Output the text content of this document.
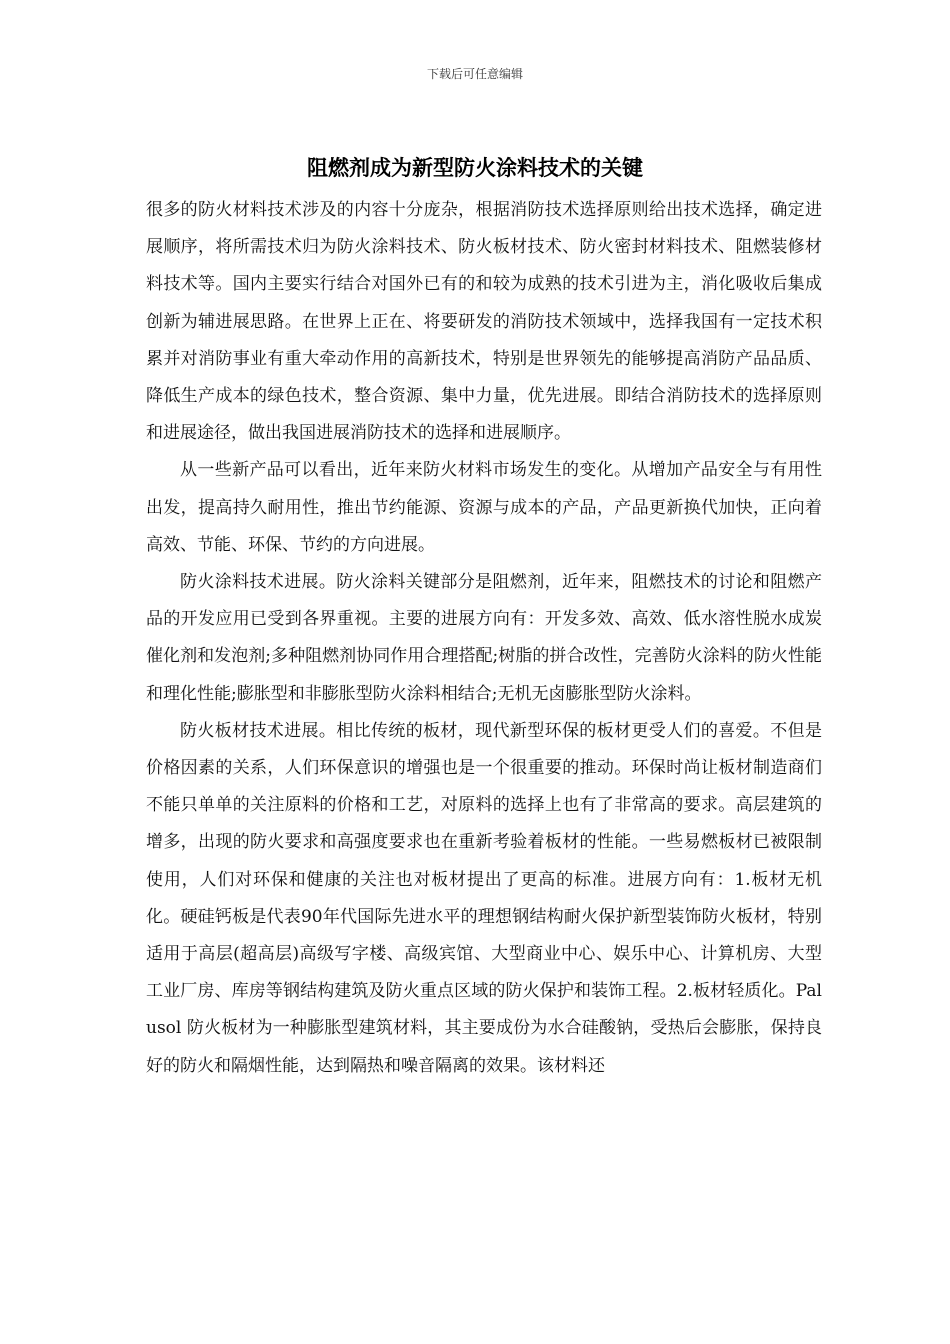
下载后可任意编辑
阻燃剂成为新型防火涂料技术的关键

很多的防火材料技术涉及的内容十分庞杂，根据消防技术选择原则给出技术选择，确定进展顺序，将所需技术归为防火涂料技术、防火板材技术、防火密封材料技术、阻燃装修材料技术等。国内主要实行结合对国外已有的和较为成熟的技术引进为主，消化吸收后集成创新为辅进展思路。在世界上正在、将要研发的消防技术领域中，选择我国有一定技术积累并对消防事业有重大牵动作用的高新技术，特别是世界领先的能够提高消防产品品质、降低生产成本的绿色技术，整合资源、集中力量，优先进展。即结合消防技术的选择原则和进展途径，做出我国进展消防技术的选择和进展顺序。

从一些新产品可以看出，近年来防火材料市场发生的变化。从增加产品安全与有用性出发，提高持久耐用性，推出节约能源、资源与成本的产品，产品更新换代加快，正向着高效、节能、环保、节约的方向进展。

防火涂料技术进展。防火涂料关键部分是阻燃剂，近年来，阻燃技术的讨论和阻燃产品的开发应用已受到各界重视。主要的进展方向有：开发多效、高效、低水溶性脱水成炭催化剂和发泡剂;多种阻燃剂协同作用合理搭配;树脂的拼合改性，完善防火涂料的防火性能和理化性能;膨胀型和非膨胀型防火涂料相结合;无机无卤膨胀型防火涂料。

防火板材技术进展。相比传统的板材，现代新型环保的板材更受人们的喜爱。不但是价格因素的关系，人们环保意识的增强也是一个很重要的推动。环保时尚让板材制造商们不能只单单的关注原料的价格和工艺，对原料的选择上也有了非常高的要求。高层建筑的增多，出现的防火要求和高强度要求也在重新考验着板材的性能。一些易燃板材已被限制使用，人们对环保和健康的关注也对板材提出了更高的标准。进展方向有：1.板材无机化。硬硅钙板是代表90年代国际先进水平的理想钢结构耐火保护新型装饰防火板材，特别适用于高层(超高层)高级写字楼、高级宾馆、大型商业中心、娱乐中心、计算机房、大型工业厂房、库房等钢结构建筑及防火重点区域的防火保护和装饰工程。2.板材轻质化。Palusol 防火板材为一种膨胀型建筑材料，其主要成份为水合硅酸钠，受热后会膨胀，保持良好的防火和隔烟性能，达到隔热和噪音隔离的效果。该材料还
